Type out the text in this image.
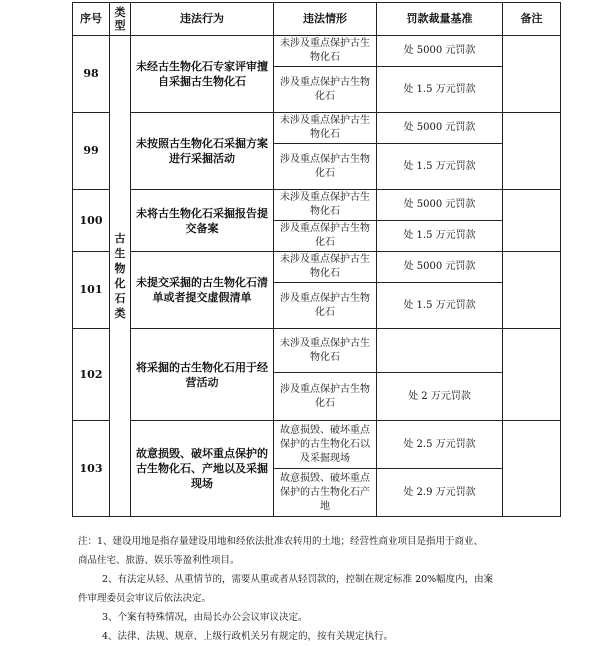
序号	类型	违法行为	违法情形	罚款裁量基准	备注
98	古生物化石类	未经古生物化石专家评审擅自采掘古生物化石	未涉及重点保护古生物化石	处 5000 元罚款	
			涉及重点保护古生物化石	处 1.5 万元罚款	
99		未按照古生物化石采掘方案进行采掘活动	未涉及重点保护古生物化石	处 5000 元罚款	
			涉及重点保护古生物化石	处 1.5 万元罚款	
100		未将古生物化石采掘报告提交备案	未涉及重点保护古生物化石	处 5000 元罚款	
			涉及重点保护古生物化石	处 1.5 万元罚款	
101		未提交采掘的古生物化石清单或者提交虚假清单	未涉及重点保护古生物化石	处 5000 元罚款	
			涉及重点保护古生物化石	处 1.5 万元罚款	
102		将采掘的古生物化石用于经营活动	未涉及重点保护古生物化石		
			涉及重点保护古生物化石	处 2 万元罚款	
103		故意损毁、破坏重点保护的古生物化石、产地以及采掘现场	故意损毁、破坏重点保护的古生物化石以及采掘现场	处 2.5 万元罚款	
			故意损毁、破坏重点保护的古生物化石产地	处 2.9 万元罚款	

注：1、建设用地是指存量建设用地和经依法批准农转用的土地；经营性商业项目是指用于商业、

商品住宅、旅游、娱乐等盈利性项目。

2、有法定从轻、从重情节的，需要从重或者从轻罚款的，控制在规定标准 20%幅度内，由案

件审理委员会审议后依法决定。

3、个案有特殊情况，由局长办公会议审议决定。

4、法律、法规、规章、上级行政机关另有规定的，按有关规定执行。
